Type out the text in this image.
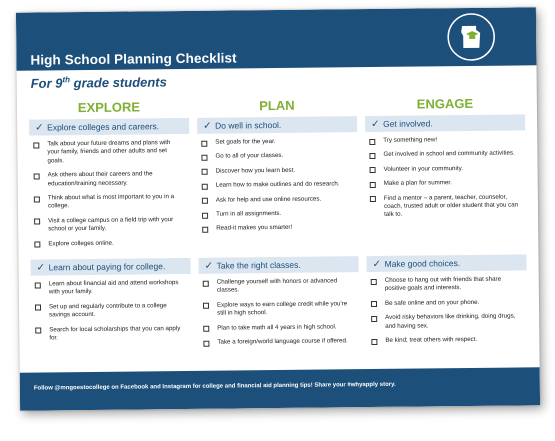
High School Planning Checklist
For 9th grade students
EXPLORE	PLAN	ENGAGE
✓ Explore colleges and careers.
Talk about your future dreams and plans with your family, friends and other adults and set goals.
Ask others about their careers and the education/training necessary.
Think about what is most important to you in a college.
Visit a college campus on a field trip with your school or your family.
Explore colleges online.
✓ Learn about paying for college.
Learn about financial aid and attend workshops with your family.
Set up and regularly contribute to a college savings account.
Search for local scholarships that you can apply for.
✓ Do well in school.
Set goals for the year.
Go to all of your classes.
Discover how you learn best.
Learn how to make outlines and do research.
Ask for help and use online resources.
Turn in all assignments.
Read-it makes you smarter!
✓ Take the right classes.
Challenge yourself with honors or advanced classes.
Explore ways to earn college credit while you're still in high school.
Plan to take math all 4 years in high school.
Take a foreign/world language course if offered.
✓ Get involved.
Try something new!
Get involved in school and community activities.
Volunteer in your community.
Make a plan for summer.
Find a mentor – a parent, teacher, counselor, coach, trusted adult or older student that you can talk to.
✓ Make good choices.
Choose to hang out with friends that share positive goals and interests.
Be safe online and on your phone.
Avoid risky behaviors like drinking, doing drugs, and having sex.
Be kind; treat others with respect.
Follow @mngoestocollege on Facebook and Instagram for college and financial aid planning tips! Share your #whyapply story.
